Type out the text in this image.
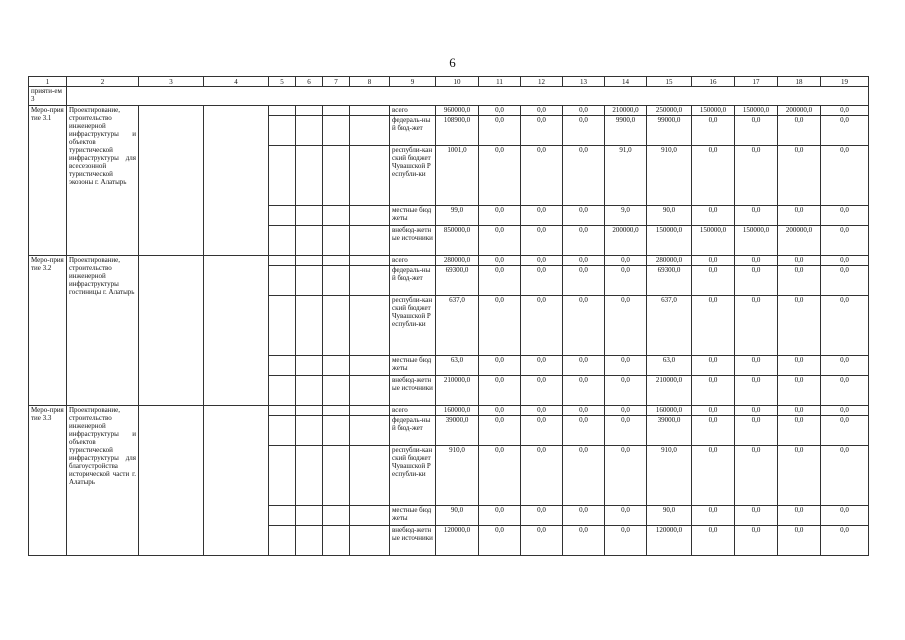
6
1	2	3	4	5	6	7	8	9	10	11	12	13	14	15	16	17	18	19
прияти-ем 3																		
Меро-приятие 3.1	Проектирование, строительство инженерной инфраструктуры и объектов туристической инфраструктуры для всесезонной туристической экозоны г. Алатырь							всего	960000,0	0,0	0,0	0,0	210000,0	250000,0	150000,0	150000,0	200000,0	0,0
								федераль-ный бюд-жет	108900,0	0,0	0,0	0,0	9900,0	99000,0	0,0	0,0	0,0	0,0
								республи-канский бюджет Чувашской Республи-ки	1001,0	0,0	0,0	0,0	91,0	910,0	0,0	0,0	0,0	0,0
								местные бюджеты	99,0	0,0	0,0	0,0	9,0	90,0	0,0	0,0	0,0	0,0
								внебюд-жетные источники	850000,0	0,0	0,0	0,0	200000,0	150000,0	150000,0	150000,0	200000,0	0,0
Меро-приятие 3.2	Проектирование, строительство инженерной инфраструктуры гостиницы г. Алатырь							всего	280000,0	0,0	0,0	0,0	0,0	280000,0	0,0	0,0	0,0	0,0
								федераль-ный бюд-жет	69300,0	0,0	0,0	0,0	0,0	69300,0	0,0	0,0	0,0	0,0
								республи-канский бюджет Чувашской Республи-ки	637,0	0,0	0,0	0,0	0,0	637,0	0,0	0,0	0,0	0,0
								местные бюджеты	63,0	0,0	0,0	0,0	0,0	63,0	0,0	0,0	0,0	0,0
								внебюд-жетные источники	210000,0	0,0	0,0	0,0	0,0	210000,0	0,0	0,0	0,0	0,0
Меро-приятие 3.3	Проектирование, строительство инженерной инфраструктуры и объектов туристической инфраструктуры для благоустройства исторической части г. Алатырь							всего	160000,0	0,0	0,0	0,0	0,0	160000,0	0,0	0,0	0,0	0,0
								федераль-ный бюд-жет	39000,0	0,0	0,0	0,0	0,0	39000,0	0,0	0,0	0,0	0,0
								республи-канский бюджет Чувашской Республи-ки	910,0	0,0	0,0	0,0	0,0	910,0	0,0	0,0	0,0	0,0
								местные бюджеты	90,0	0,0	0,0	0,0	0,0	90,0	0,0	0,0	0,0	0,0
								внебюд-жетные источники	120000,0	0,0	0,0	0,0	0,0	120000,0	0,0	0,0	0,0	0,0
